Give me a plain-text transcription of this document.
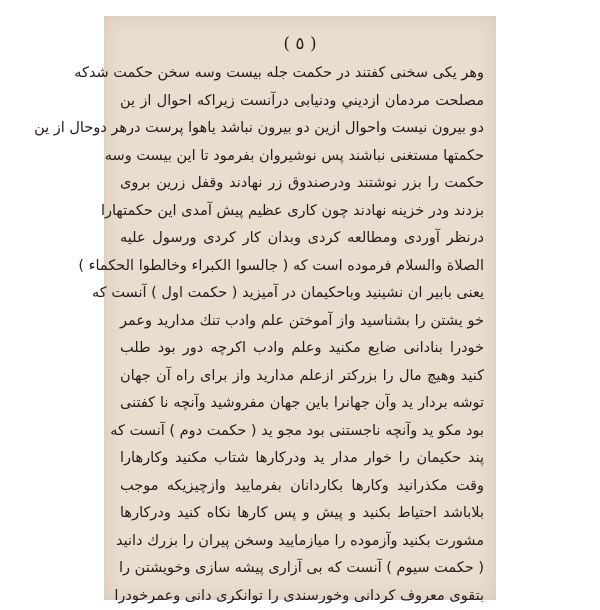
( ٥ )
وهر يكى سخنى كفتند در حكمت جله بيست وسه سخن حكمت شدكه
مصلحت مردمان ازديني ودنيابى درآنست زيراكه احوال از ين
دو بيرون نيست واحوال ازين دو بيرون نباشد ياهوا پرست درهر دوحال از ين
حكمتها مستغنى نباشند پس نوشيروان بفرمود تا اين بيست وسه
حكمت را بزر نوشتند ودرصندوق زر نهادند وقفل زرين بروى
بزدند ودر خزينه نهادند چون كارى عظيم پيش آمدى اين حكمتهارا
درنظر آوردى ومطالعه كردى وبدان كار كردى ورسول عليه
الصلاة والسلام فرموده است كه ( جالسوا الكبراء وخالطوا الحكماء )
يعنى بابير ان نشينيد وباحكيمان در آميزيد ( حكمت اول ) آنست كه
خو يشتن را بشناسيد واز آموختن علم وادب تنك مداريد وعمر
خودرا بنادانى ضايع مكنيد وعلم وادب اكرچه دور بود طلب
كنيد وهيچ مال را بزركتر ازعلم مداريد واز براى راه آن جهان
توشه بردار يد وآن جهانرا باين جهان مفروشيد وآنچه نا كفتنى
بود مكو يد وآنچه ناجستنى بود مجو يد ( حكمت دوم ) آنست كه
پند حكيمان را خوار مدار يد ودركارها شتاب مكنيد وكارهارا
وقت مكذرانيد وكارها بكاردانان بفرماييد وازچيزيكه موجب
بلاباشد احتياط بكنيد و پيش و پس كارها نكاه كنيد ودركارها
مشورت بكنيد وآزموده را ميازماييد وسخن پيران را بزرك دانيد
( حكمت سيوم ) آنست كه بى آزارى پيشه سازى وخويشتن را
بتقوى معروف كردانى وخورسندى را توانكرى دانى وعمرخودرا
